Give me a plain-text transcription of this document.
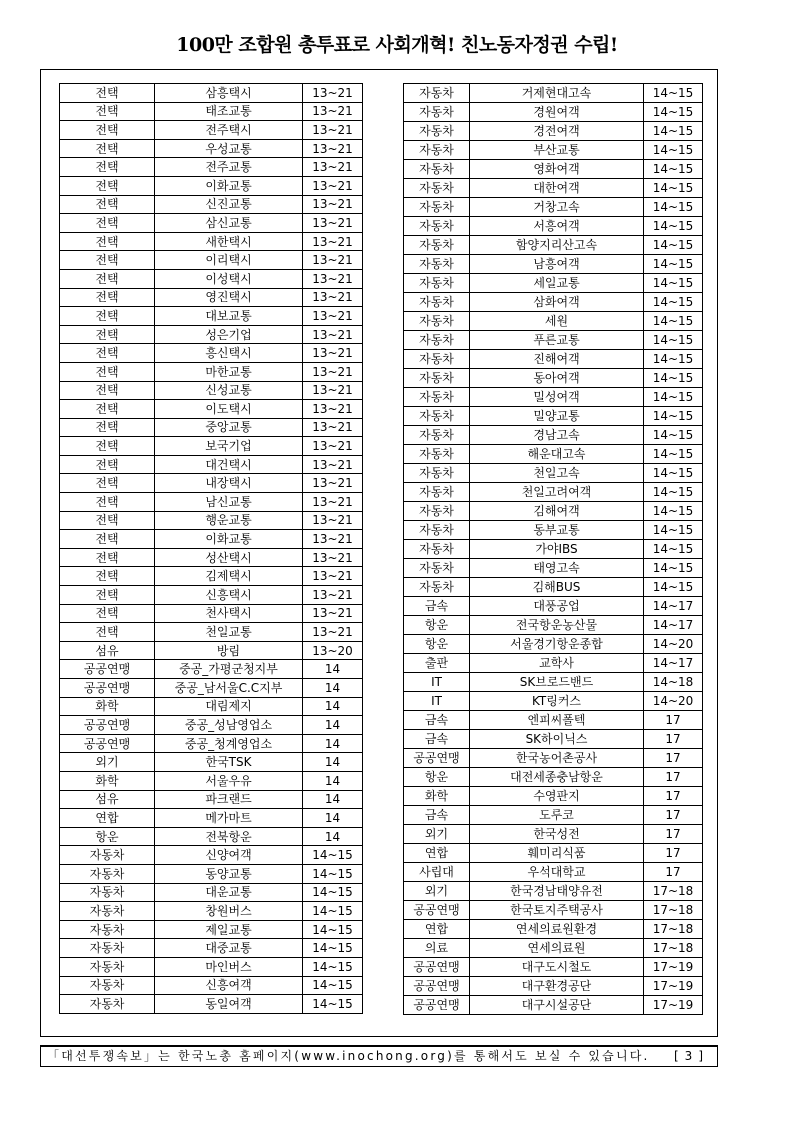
100만 조합원 총투표로 사회개혁! 친노동자정권 수립!
전택	삼흥택시	13~21
전택	태조교통	13~21
전택	전주택시	13~21
전택	우성교통	13~21
전택	전주교통	13~21
전택	이화교통	13~21
전택	신진교통	13~21
전택	삼신교통	13~21
전택	새한택시	13~21
전택	이리택시	13~21
전택	이성택시	13~21
전택	영진택시	13~21
전택	대보교통	13~21
전택	성은기업	13~21
전택	흥신택시	13~21
전택	마한교통	13~21
전택	신성교통	13~21
전택	이도택시	13~21
전택	중앙교통	13~21
전택	보국기업	13~21
전택	대건택시	13~21
전택	내장택시	13~21
전택	남신교통	13~21
전택	행운교통	13~21
전택	이화교통	13~21
전택	성산택시	13~21
전택	김제택시	13~21
전택	신흥택시	13~21
전택	천사택시	13~21
전택	천일교통	13~21
섬유	방림	13~20
공공연맹	중공_가평군청지부	14
공공연맹	중공_남서울C.C지부	14
화학	대림제지	14
공공연맹	중공_성남영업소	14
공공연맹	중공_청계영업소	14
외기	한국TSK	14
화학	서울우유	14
섬유	파크랜드	14
연합	메가마트	14
항운	전북항운	14
자동차	신양여객	14~15
자동차	동양교통	14~15
자동차	대운교통	14~15
자동차	창원버스	14~15
자동차	제일교통	14~15
자동차	대중교통	14~15
자동차	마인버스	14~15
자동차	신흥여객	14~15
자동차	동일여객	14~15
자동차	거제현대고속	14~15
자동차	경원여객	14~15
자동차	경전여객	14~15
자동차	부산교통	14~15
자동차	영화여객	14~15
자동차	대한여객	14~15
자동차	거창고속	14~15
자동차	서흥여객	14~15
자동차	함양지리산고속	14~15
자동차	남흥여객	14~15
자동차	세일교통	14~15
자동차	삼화여객	14~15
자동차	세원	14~15
자동차	푸른교통	14~15
자동차	진해여객	14~15
자동차	동아여객	14~15
자동차	밀성여객	14~15
자동차	밀양교통	14~15
자동차	경남고속	14~15
자동차	해운대고속	14~15
자동차	천일고속	14~15
자동차	천일고려여객	14~15
자동차	김해여객	14~15
자동차	동부교통	14~15
자동차	가야IBS	14~15
자동차	태영고속	14~15
자동차	김해BUS	14~15
금속	대풍공업	14~17
항운	전국항운농산물	14~17
항운	서울경기항운종합	14~20
출판	교학사	14~17
IT	SK브로드밴드	14~18
IT	KT링커스	14~20
금속	엔피씨폴텍	17
금속	SK하이닉스	17
공공연맹	한국농어촌공사	17
항운	대전세종충남항운	17
화학	수영판지	17
금속	도루코	17
외기	한국성전	17
연합	훼미리식품	17
사립대	우석대학교	17
외기	한국경남태양유전	17~18
공공연맹	한국토지주택공사	17~18
연합	연세의료원환경	17~18
의료	연세의료원	17~18
공공연맹	대구도시철도	17~19
공공연맹	대구환경공단	17~19
공공연맹	대구시설공단	17~19
「대선투쟁속보」는 한국노총 홈페이지(www.inochong.org)를 통해서도 보실 수 있습니다. [3]
